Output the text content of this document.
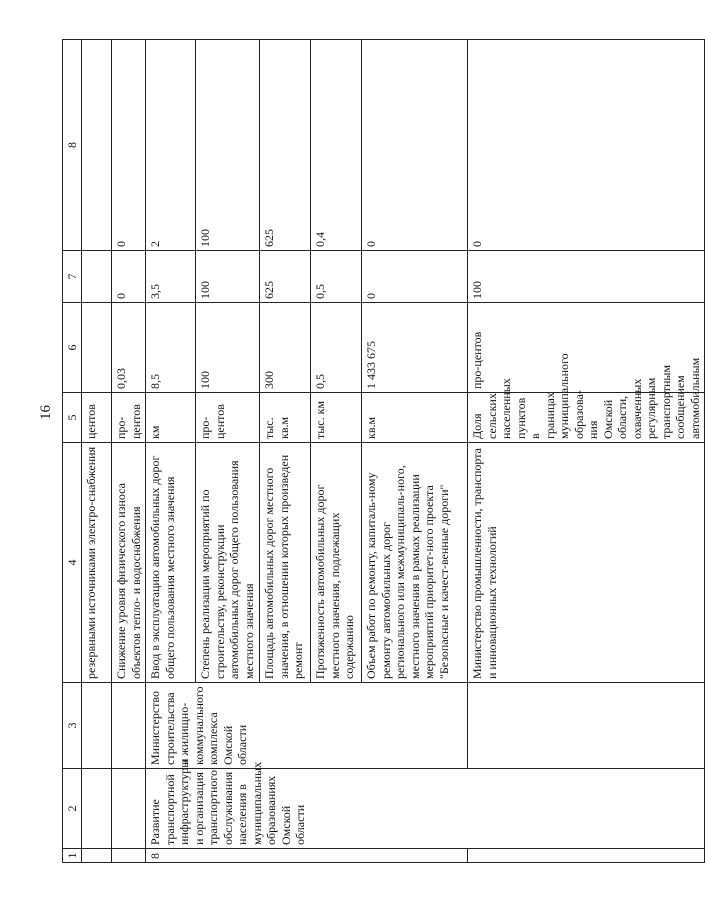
16
1	2	3	4	5	6	7	8	
			резервными источниками электро-снабжения	центов				
			Снижение уровня физического износа объектов тепло- и водоснабжения	про-центов	0,03	0	0	
8	Развитие транспортной инфраструктуры и организация транспортного обслуживания населения в муниципальных образованиях Омской области	Министерство строительства и жилищно-коммунального комплекса Омской области	Ввод в эксплуатацию автомобильных дорог общего пользования местного значения	км	8,5	3,5	2	
			Степень реализации мероприятий по строительству, реконструкции автомобильных дорог общего пользования местного значения	про-центов	100	100	100	
			Площадь автомобильных дорог местного значения, в отношении которых произведен ремонт	тыс. кв.м	300	625	625	
			Протяженность автомобильных дорог местного значения, подлежащих содержанию	тыс. км	0,5	0,5	0,4	
			Объем работ по ремонту, капиталь-ному ремонту автомобильных дорог регионального или межмуниципаль-ного, местного значения в рамках реализации мероприятий приоритет-ного проекта "Безопасные и качест-венные дороги"	кв.м	1 433 675	0	0	
			Министерство промышленности, транспорта и инновационных технологий	Доля сельских населенных пунктов в границах муниципального образова-ния Омской области, охваченных регулярным транспортным сообщением автомобильным	про-центов	100	0	
